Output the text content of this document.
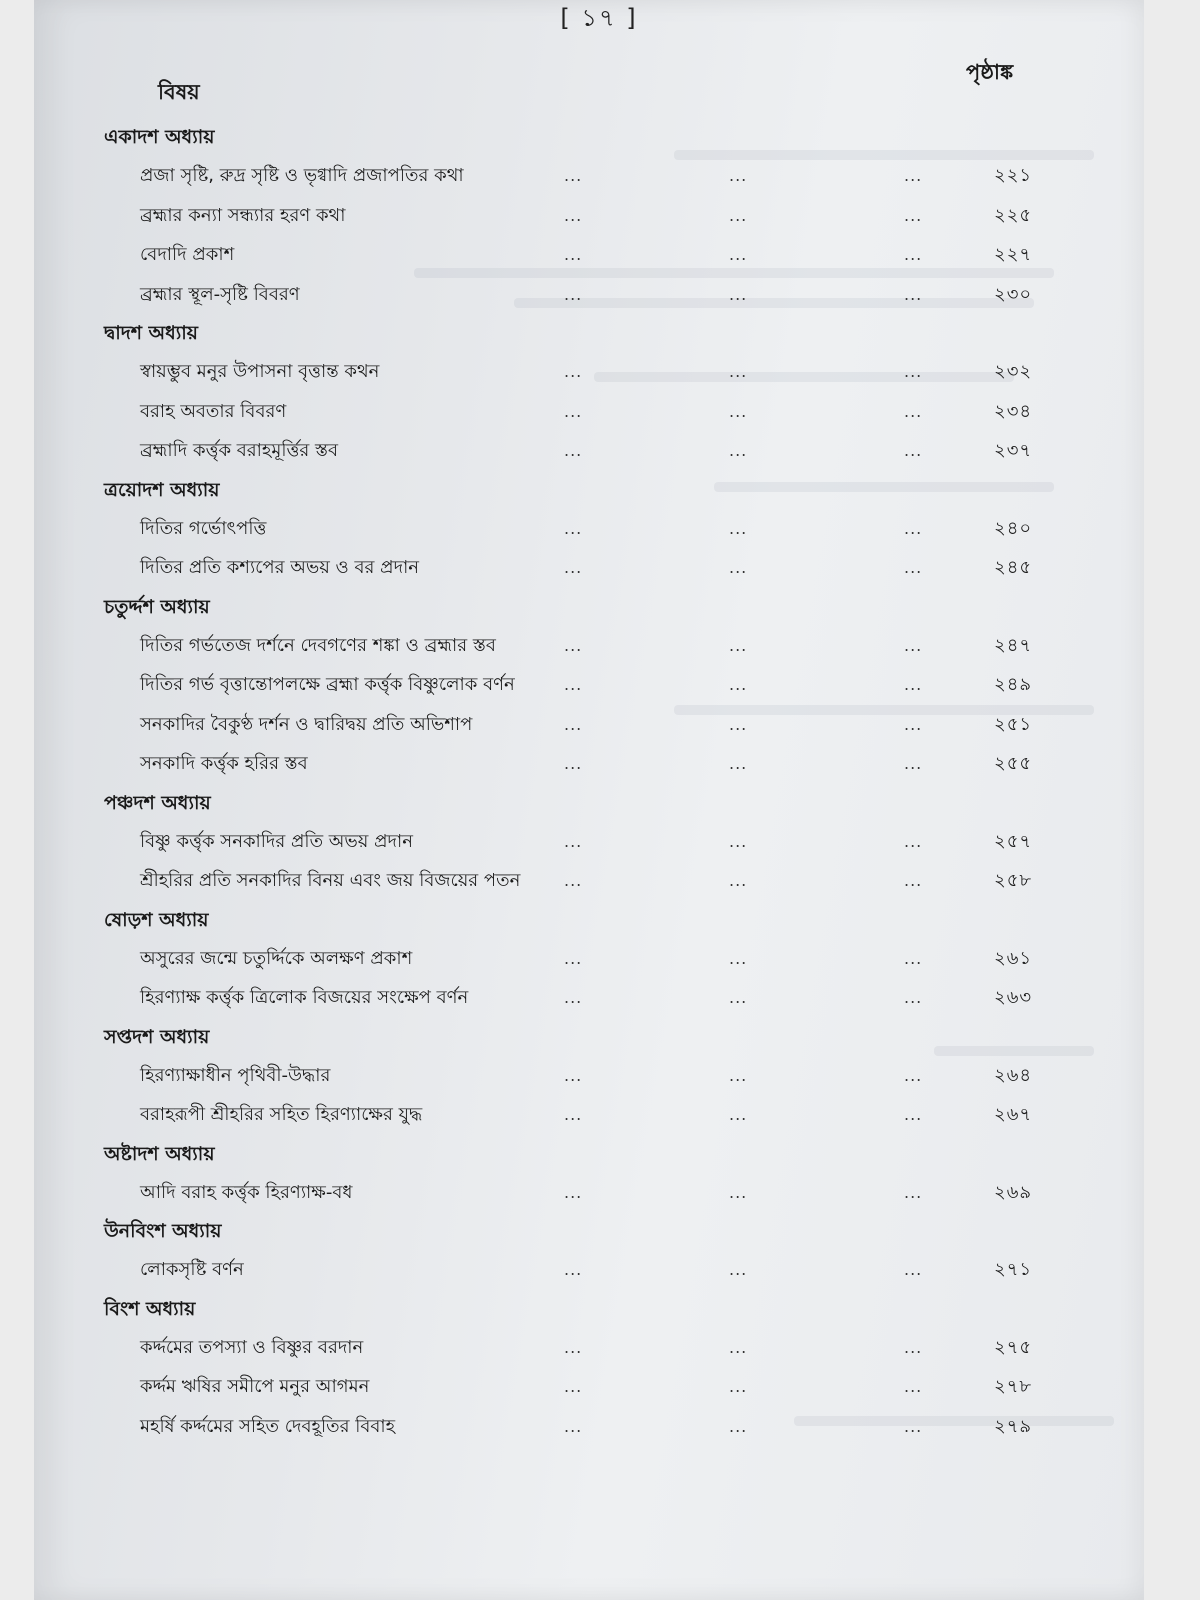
[ ১৭ ]
বিষয়
পৃষ্ঠাঙ্ক
একাদশ অধ্যায়
প্রজা সৃষ্টি, রুদ্র সৃষ্টি ও ভৃগ্বাদি প্রজাপতির কথা	...	...	...	২২১
ব্রহ্মার কন্যা সন্ধ্যার হরণ কথা	...	...	...	২২৫
বেদাদি প্রকাশ	...	...	...	২২৭
ব্রহ্মার স্থূল-সৃষ্টি বিবরণ	...	...	...	২৩০
দ্বাদশ অধ্যায়
স্বায়ম্ভুব মনুর উপাসনা বৃত্তান্ত কথন	...	...	...	২৩২
বরাহ অবতার বিবরণ	...	...	...	২৩৪
ব্রহ্মাদি কর্ত্তৃক বরাহমূর্ত্তির স্তব	...	...	...	২৩৭
ত্রয়োদশ অধ্যায়
দিতির গর্ভোৎপত্তি	...	...	...	২৪০
দিতির প্রতি কশ্যপের অভয় ও বর প্রদান	...	...	...	২৪৫
চতুর্দ্দশ অধ্যায়
দিতির গর্ভতেজ দর্শনে দেবগণের শঙ্কা ও ব্রহ্মার স্তব	...	...	...	২৪৭
দিতির গর্ভ বৃত্তান্তোপলক্ষে ব্রহ্মা কর্ত্তৃক বিষ্ণুলোক বর্ণন	...	...	...	২৪৯
সনকাদির বৈকুণ্ঠ দর্শন ও দ্বারিদ্বয় প্রতি অভিশাপ	...	...	...	২৫১
সনকাদি কর্ত্তৃক হরির স্তব	...	...	...	২৫৫
পঞ্চদশ অধ্যায়
বিষ্ণু কর্ত্তৃক সনকাদির প্রতি অভয় প্রদান	...	...	...	২৫৭
শ্রীহরির প্রতি সনকাদির বিনয় এবং জয় বিজয়ের পতন	...	...	...	২৫৮
ষোড়শ অধ্যায়
অসুরের জন্মে চতুর্দ্দিকে অলক্ষণ প্রকাশ	...	...	...	২৬১
হিরণ্যাক্ষ কর্ত্তৃক ত্রিলোক বিজয়ের সংক্ষেপ বর্ণন	...	...	...	২৬৩
সপ্তদশ অধ্যায়
হিরণ্যাক্ষাধীন পৃথিবী-উদ্ধার	...	...	...	২৬৪
বরাহরূপী শ্রীহরির সহিত হিরণ্যাক্ষের যুদ্ধ	...	...	...	২৬৭
অষ্টাদশ অধ্যায়
আদি বরাহ কর্ত্তৃক হিরণ্যাক্ষ-বধ	...	...	...	২৬৯
উনবিংশ অধ্যায়
লোকসৃষ্টি বর্ণন	...	...	...	২৭১
বিংশ অধ্যায়
কর্দ্দমের তপস্যা ও বিষ্ণুর বরদান	...	...	...	২৭৫
কর্দ্দম ঋষির সমীপে মনুর আগমন	...	...	...	২৭৮
মহর্ষি কর্দ্দমের সহিত দেবহূতির বিবাহ	...	...	...	২৭৯
